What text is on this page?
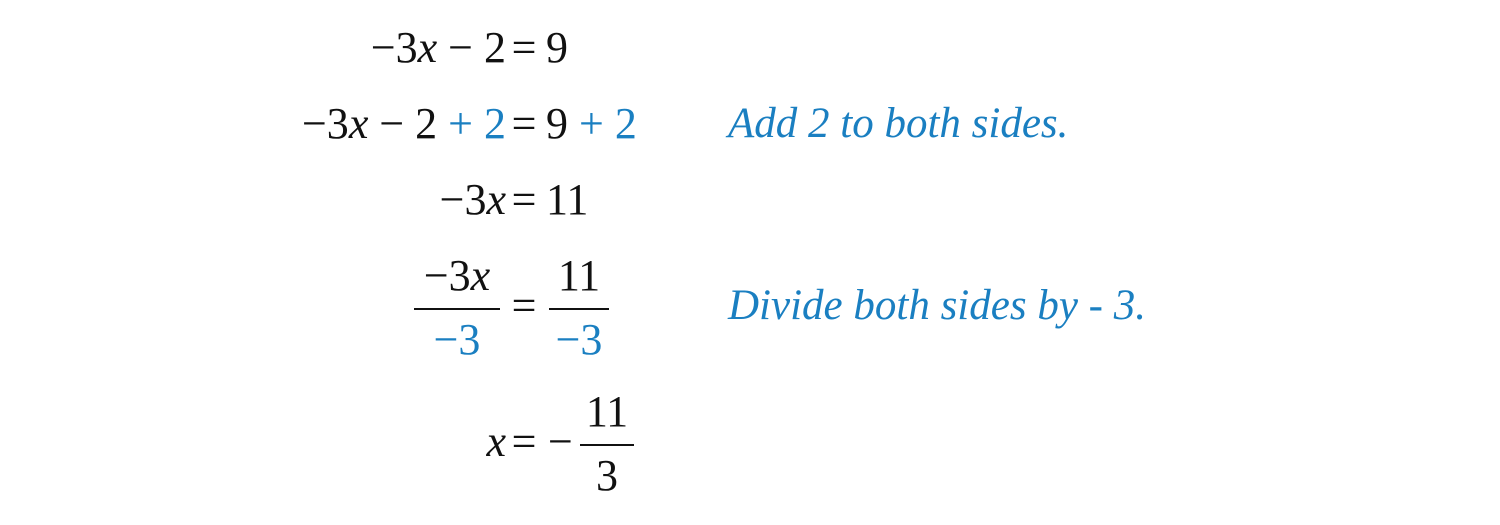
−3x − 2 = 9
−3x − 2 + 2 = 9 + 2 Add 2 to both sides.
−3x = 11
−3x
−3
=
11
−3
Divide both sides by - 3.
x = −
11
3
